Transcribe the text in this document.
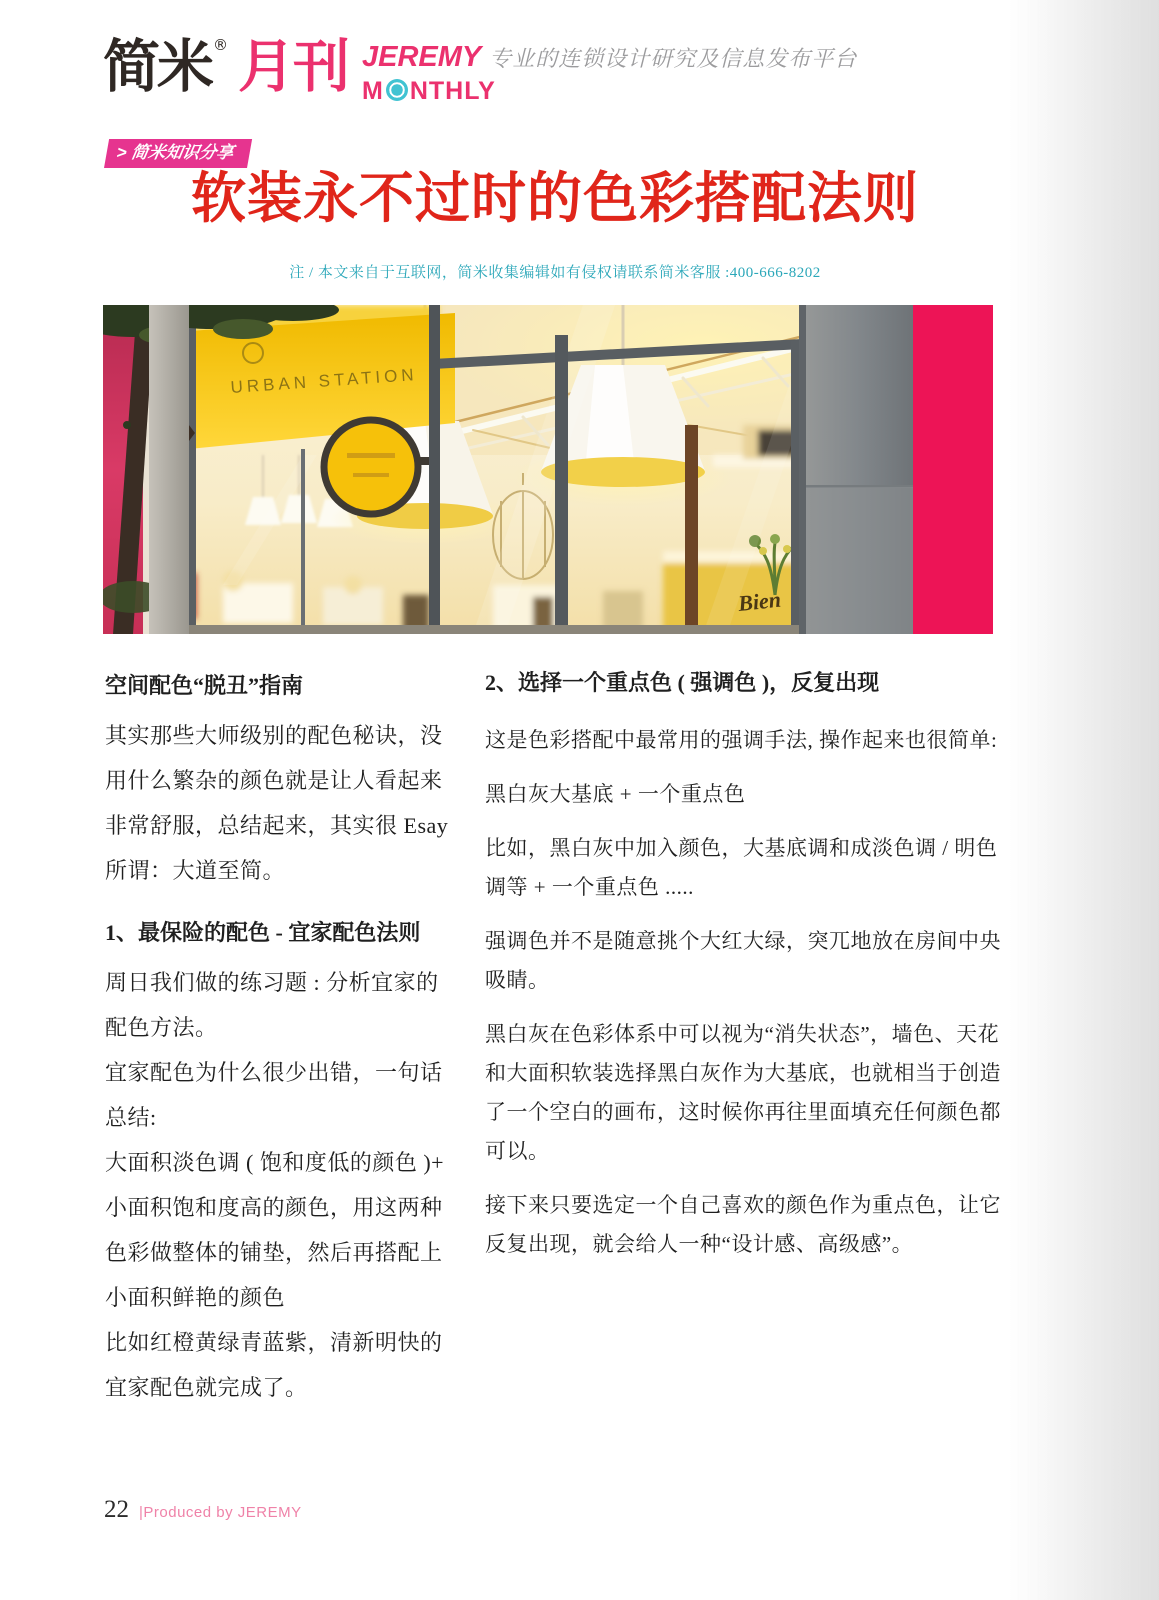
简米 ® 月刊 JEREMY 专业的连锁设计研究及信息发布平台
M NTHLY
> 简米知识分享
软装永不过时的色彩搭配法则
注 / 本文来自于互联网，简米收集编辑如有侵权请联系简米客服 :400-666-8202
Bien
URBAN STATION
空间配色“脱丑”指南

其实那些大师级别的配色秘诀，没用什么繁杂的颜色就是让人看起来非常舒服，总结起来，其实很 Esay

所谓：大道至简。

1、最保险的配色 - 宜家配色法则

周日我们做的练习题 : 分析宜家的配色方法。

宜家配色为什么很少出错，一句话总结:

大面积淡色调 ( 饱和度低的颜色 )+ 小面积饱和度高的颜色，用这两种色彩做整体的铺垫，然后再搭配上小面积鲜艳的颜色

比如红橙黄绿青蓝紫，清新明快的宜家配色就完成了。

2、选择一个重点色 ( 强调色 )，反复出现

这是色彩搭配中最常用的强调手法, 操作起来也很简单:

黑白灰大基底 + 一个重点色

比如，黑白灰中加入颜色，大基底调和成淡色调 / 明色调等 + 一个重点色 .....

强调色并不是随意挑个大红大绿，突兀地放在房间中央吸睛。

黑白灰在色彩体系中可以视为“消失状态”，墙色、天花和大面积软装选择黑白灰作为大基底，也就相当于创造了一个空白的画布，这时候你再往里面填充任何颜色都可以。

接下来只要选定一个自己喜欢的颜色作为重点色，让它反复出现，就会给人一种“设计感、高级感”。

22 |Produced by JEREMY
